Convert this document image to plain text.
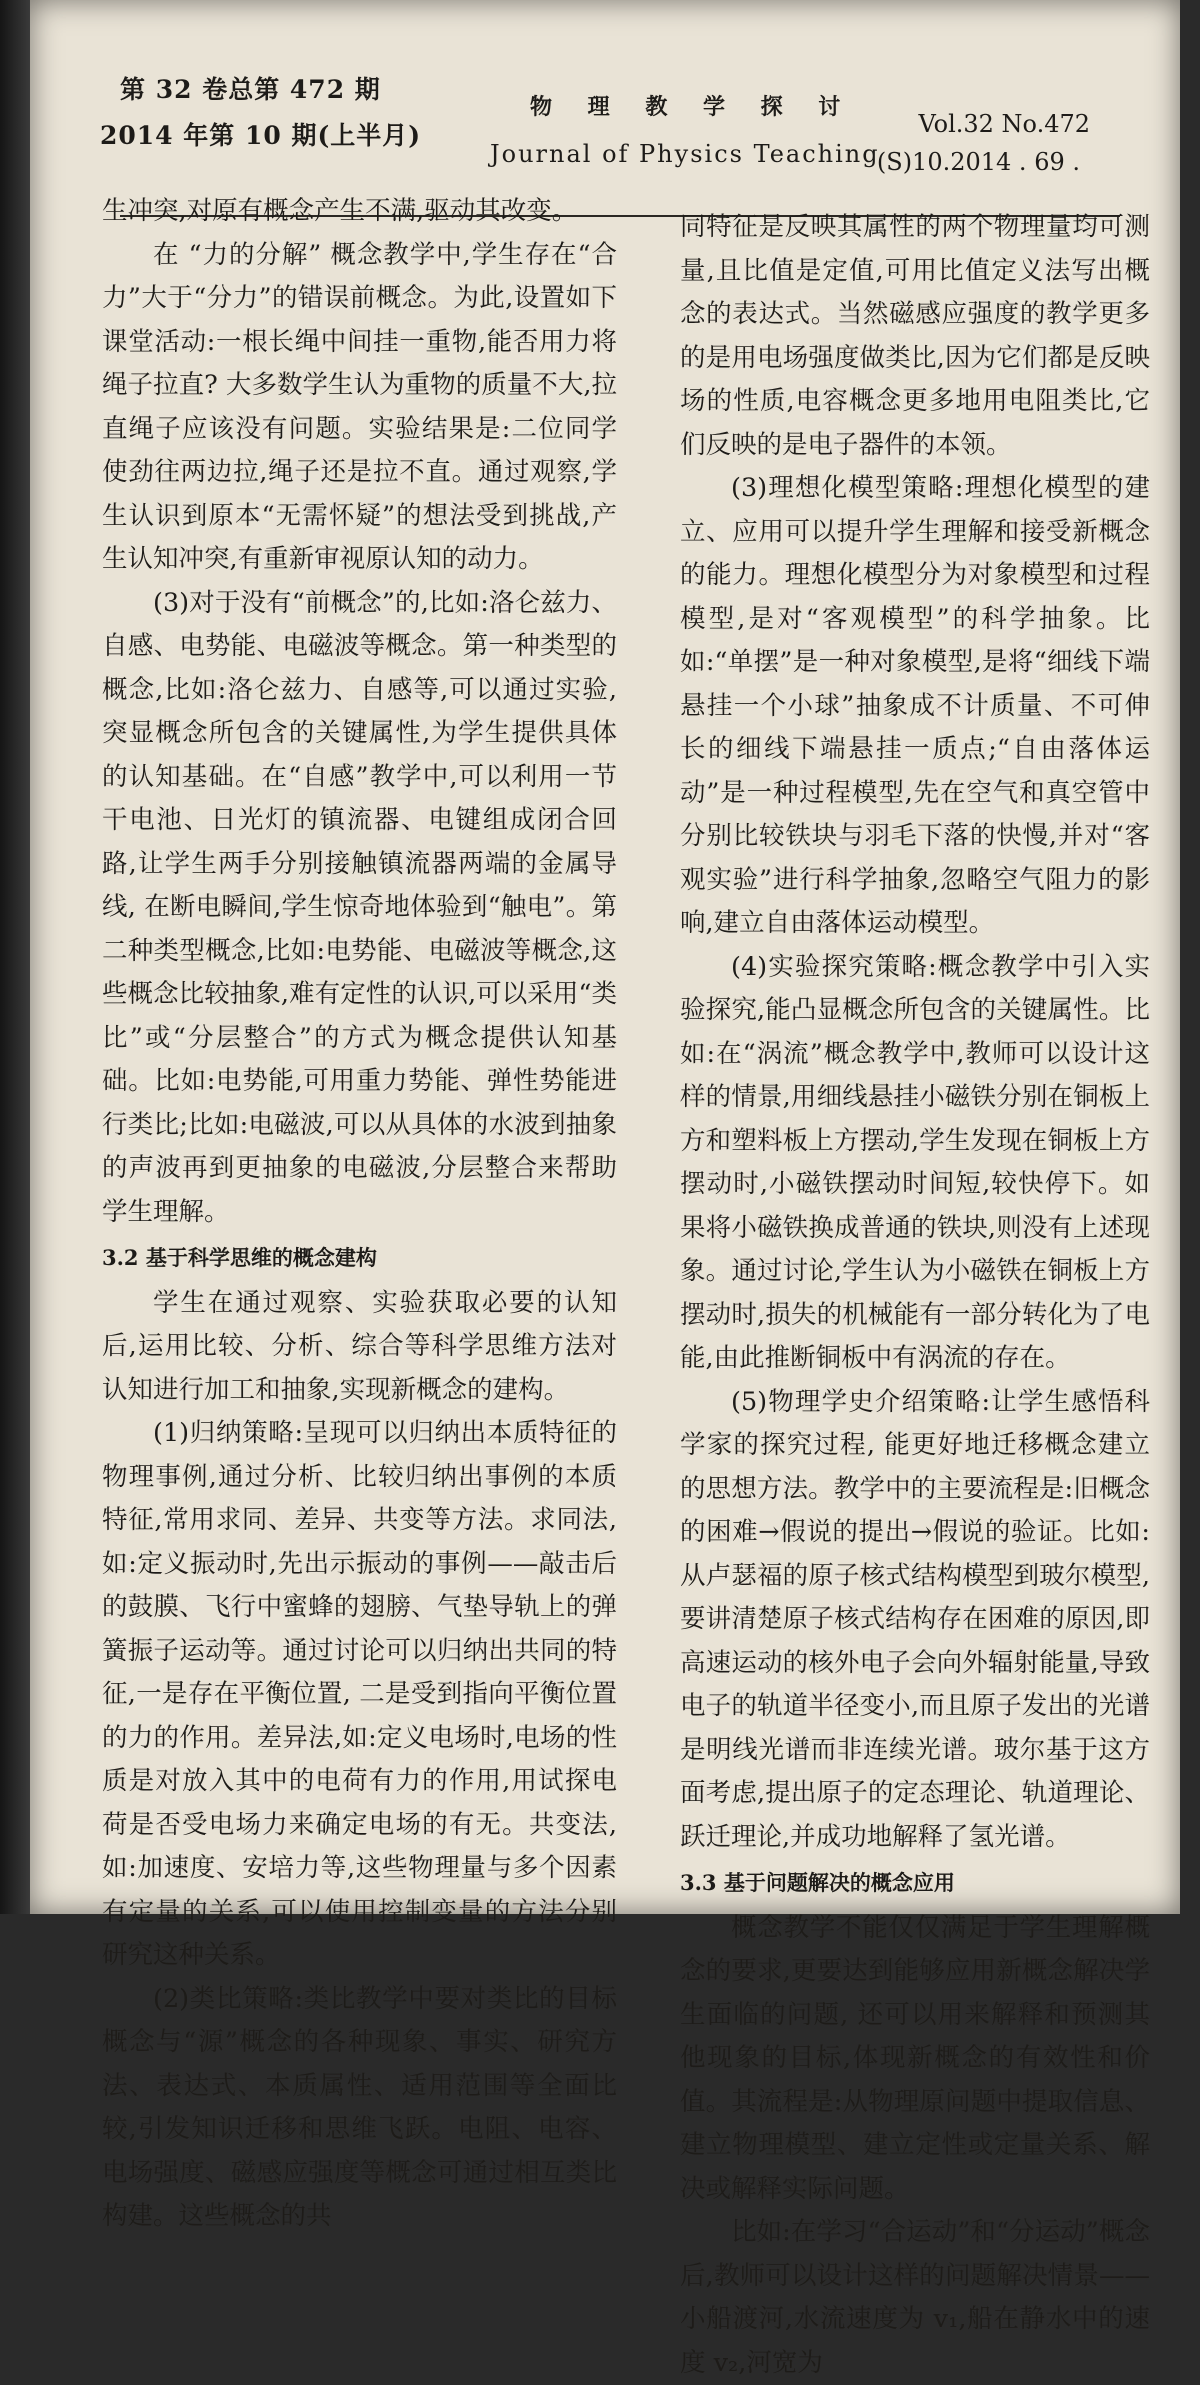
第 32 卷总第 472 期
2014 年第 10 期(上半月)
物 理 教 学 探 讨
Journal of Physics Teaching
Vol.32 No.472
(S)10.2014 . 69 .

生冲突,对原有概念产生不满,驱动其改变。

在 “力的分解” 概念教学中,学生存在“合力”大于“分力”的错误前概念。为此,设置如下课堂活动:一根长绳中间挂一重物,能否用力将绳子拉直? 大多数学生认为重物的质量不大,拉直绳子应该没有问题。实验结果是:二位同学使劲往两边拉,绳子还是拉不直。通过观察,学生认识到原本“无需怀疑”的想法受到挑战,产生认知冲突,有重新审视原认知的动力。

(3)对于没有“前概念”的,比如:洛仑兹力、自感、电势能、电磁波等概念。第一种类型的概念,比如:洛仑兹力、自感等,可以通过实验,突显概念所包含的关键属性,为学生提供具体的认知基础。在“自感”教学中,可以利用一节干电池、日光灯的镇流器、电键组成闭合回路,让学生两手分别接触镇流器两端的金属导线, 在断电瞬间,学生惊奇地体验到“触电”。第二种类型概念,比如:电势能、电磁波等概念,这些概念比较抽象,难有定性的认识,可以采用“类比”或“分层整合”的方式为概念提供认知基础。比如:电势能,可用重力势能、弹性势能进行类比;比如:电磁波,可以从具体的水波到抽象的声波再到更抽象的电磁波,分层整合来帮助学生理解。

3.2 基于科学思维的概念建构

学生在通过观察、实验获取必要的认知后,运用比较、分析、综合等科学思维方法对认知进行加工和抽象,实现新概念的建构。

(1)归纳策略:呈现可以归纳出本质特征的物理事例,通过分析、比较归纳出事例的本质特征,常用求同、差异、共变等方法。求同法,如:定义振动时,先出示振动的事例——敲击后的鼓膜、飞行中蜜蜂的翅膀、气垫导轨上的弹簧振子运动等。通过讨论可以归纳出共同的特征,一是存在平衡位置, 二是受到指向平衡位置的力的作用。差异法,如:定义电场时,电场的性质是对放入其中的电荷有力的作用,用试探电荷是否受电场力来确定电场的有无。共变法,如:加速度、安培力等,这些物理量与多个因素有定量的关系,可以使用控制变量的方法分别研究这种关系。

(2)类比策略:类比教学中要对类比的目标概念与“源”概念的各种现象、事实、研究方法、表达式、本质属性、适用范围等全面比较,引发知识迁移和思维飞跃。电阻、电容、电场强度、磁感应强度等概念可通过相互类比构建。这些概念的共

同特征是反映其属性的两个物理量均可测量,且比值是定值,可用比值定义法写出概念的表达式。当然磁感应强度的教学更多的是用电场强度做类比,因为它们都是反映场的性质,电容概念更多地用电阻类比,它们反映的是电子器件的本领。

(3)理想化模型策略:理想化模型的建立、应用可以提升学生理解和接受新概念的能力。理想化模型分为对象模型和过程模型,是对“客观模型”的科学抽象。比如:“单摆”是一种对象模型,是将“细线下端悬挂一个小球”抽象成不计质量、不可伸长的细线下端悬挂一质点;“自由落体运动”是一种过程模型,先在空气和真空管中分别比较铁块与羽毛下落的快慢,并对“客观实验”进行科学抽象,忽略空气阻力的影响,建立自由落体运动模型。

(4)实验探究策略:概念教学中引入实验探究,能凸显概念所包含的关键属性。比如:在“涡流”概念教学中,教师可以设计这样的情景,用细线悬挂小磁铁分别在铜板上方和塑料板上方摆动,学生发现在铜板上方摆动时,小磁铁摆动时间短,较快停下。如果将小磁铁换成普通的铁块,则没有上述现象。通过讨论,学生认为小磁铁在铜板上方摆动时,损失的机械能有一部分转化为了电能,由此推断铜板中有涡流的存在。

(5)物理学史介绍策略:让学生感悟科学家的探究过程, 能更好地迁移概念建立的思想方法。教学中的主要流程是:旧概念的困难→假说的提出→假说的验证。比如:从卢瑟福的原子核式结构模型到玻尔模型,要讲清楚原子核式结构存在困难的原因,即高速运动的核外电子会向外辐射能量,导致电子的轨道半径变小,而且原子发出的光谱是明线光谱而非连续光谱。玻尔基于这方面考虑,提出原子的定态理论、轨道理论、跃迁理论,并成功地解释了氢光谱。

3.3 基于问题解决的概念应用

概念教学不能仅仅满足于学生理解概念的要求,更要达到能够应用新概念解决学生面临的问题, 还可以用来解释和预测其他现象的目标,体现新概念的有效性和价值。其流程是:从物理原问题中提取信息、建立物理模型、建立定性或定量关系、解决或解释实际问题。

比如:在学习“合运动”和“分运动”概念后,教师可以设计这样的问题解决情景——小船渡河,水流速度为 v₁,船在静水中的速度 v₂,河宽为
